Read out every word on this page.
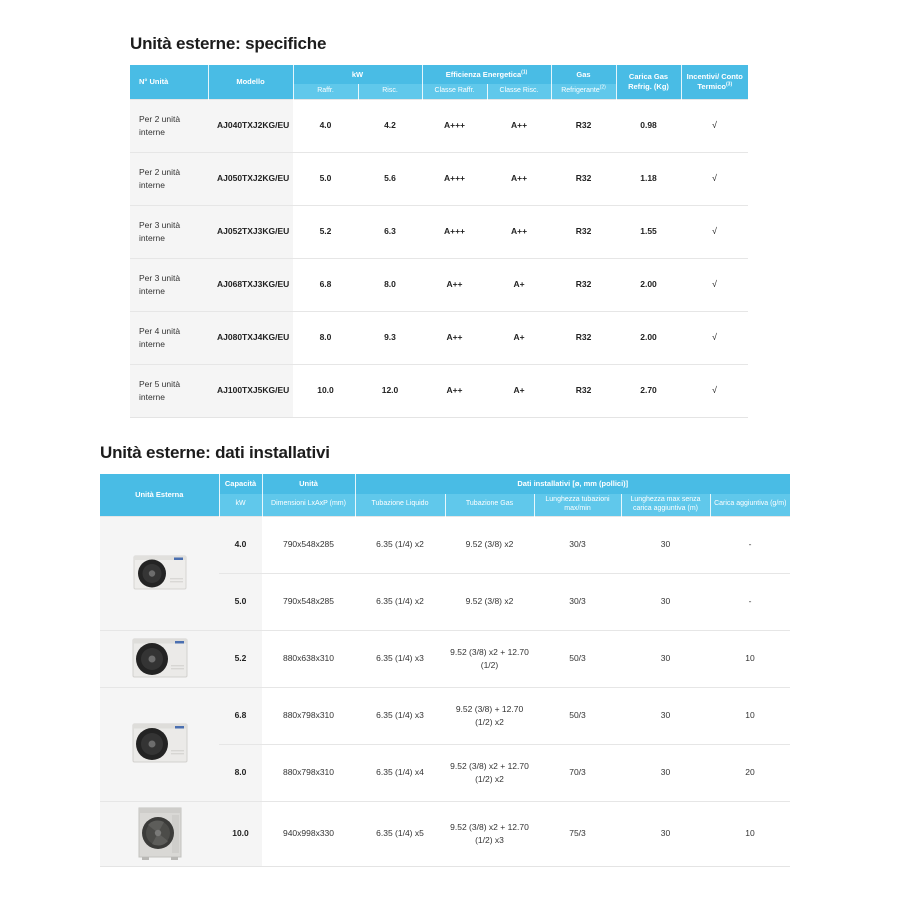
Unità esterne: specifiche
N° Unità	Modello	kW		Efficienza Energetica$^{(1)}$		Gas	Carica Gas Refrig. (Kg)	Incentivi/ Conto Termico$^{(3)}$
		Raffr.	Risc.	Classe Raffr.	Classe Risc.	Refrigerante$^{(2)}$
Per 2 unità interne	AJ040TXJ2KG/EU	4.0	4.2	A+++	A++	R32	0.98	√
Per 2 unità interne	AJ050TXJ2KG/EU	5.0	5.6	A+++	A++	R32	1.18	√
Per 3 unità interne	AJ052TXJ3KG/EU	5.2	6.3	A+++	A++	R32	1.55	√
Per 3 unità interne	AJ068TXJ3KG/EU	6.8	8.0	A++	A+	R32	2.00	√
Per 4 unità interne	AJ080TXJ4KG/EU	8.0	9.3	A++	A+	R32	2.00	√
Per 5 unità interne	AJ100TXJ5KG/EU	10.0	12.0	A++	A+	R32	2.70	√
Unità esterne: dati installativi
Unità Esterna	Capacità	Unità	Dati installativi [ø, mm (pollici)]				
	kW	Dimensioni LxAxP (mm)	Tubazione Liquido	Tubazione Gas	Lunghezza tubazioni max/min	Lunghezza max senza carica aggiuntiva (m)	Carica aggiuntiva (g/m)

	4.0	790x548x285	6.35 (1/4) x2	9.52 (3/8) x2	30/3	30	-
	5.0	790x548x285	6.35 (1/4) x2	9.52 (3/8) x2	30/3	30	-

	5.2	880x638x310	6.35 (1/4) x3	9.52 (3/8) x2 + 12.70 (1/2)	50/3	30	10

	6.8	880x798x310	6.35 (1/4) x3	9.52 (3/8) + 12.70 (1/2) x2	50/3	30	10
	8.0	880x798x310	6.35 (1/4) x4	9.52 (3/8) x2 + 12.70 (1/2) x2	70/3	30	20

	10.0	940x998x330	6.35 (1/4) x5	9.52 (3/8) x2 + 12.70 (1/2) x3	75/3	30	10
